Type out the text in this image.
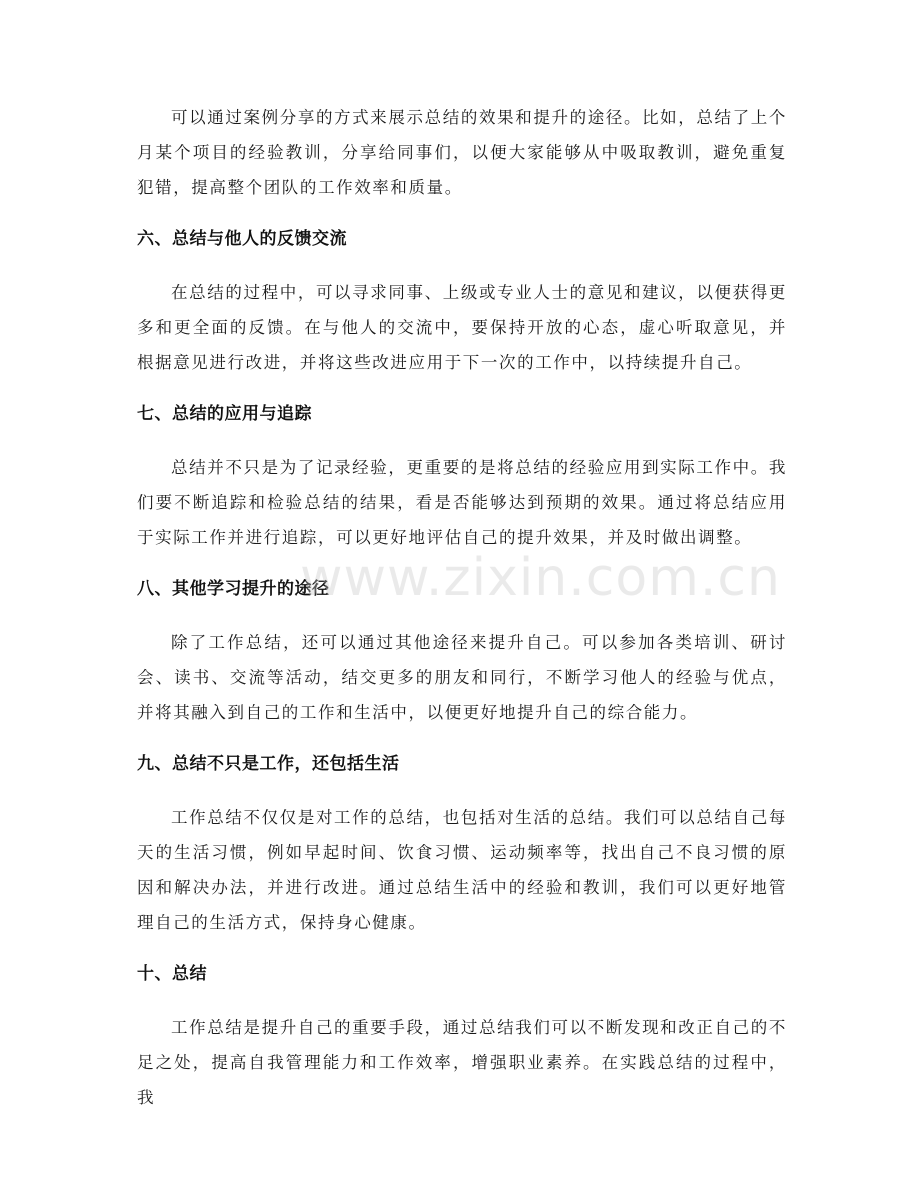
可以通过案例分享的方式来展示总结的效果和提升的途径。比如，总结了上个月某个项目的经验教训，分享给同事们，以便大家能够从中吸取教训，避免重复犯错，提高整个团队的工作效率和质量。

六、总结与他人的反馈交流

在总结的过程中，可以寻求同事、上级或专业人士的意见和建议，以便获得更多和更全面的反馈。在与他人的交流中，要保持开放的心态，虚心听取意见，并根据意见进行改进，并将这些改进应用于下一次的工作中，以持续提升自己。

七、总结的应用与追踪

总结并不只是为了记录经验，更重要的是将总结的经验应用到实际工作中。我们要不断追踪和检验总结的结果，看是否能够达到预期的效果。通过将总结应用于实际工作并进行追踪，可以更好地评估自己的提升效果，并及时做出调整。

八、其他学习提升的途径

除了工作总结，还可以通过其他途径来提升自己。可以参加各类培训、研讨会、读书、交流等活动，结交更多的朋友和同行，不断学习他人的经验与优点，并将其融入到自己的工作和生活中，以便更好地提升自己的综合能力。

九、总结不只是工作，还包括生活

工作总结不仅仅是对工作的总结，也包括对生活的总结。我们可以总结自己每天的生活习惯，例如早起时间、饮食习惯、运动频率等，找出自己不良习惯的原因和解决办法，并进行改进。通过总结生活中的经验和教训，我们可以更好地管理自己的生活方式，保持身心健康。

十、总结

工作总结是提升自己的重要手段，通过总结我们可以不断发现和改正自己的不足之处，提高自我管理能力和工作效率，增强职业素养。在实践总结的过程中，我

www.zixin.com.cn
